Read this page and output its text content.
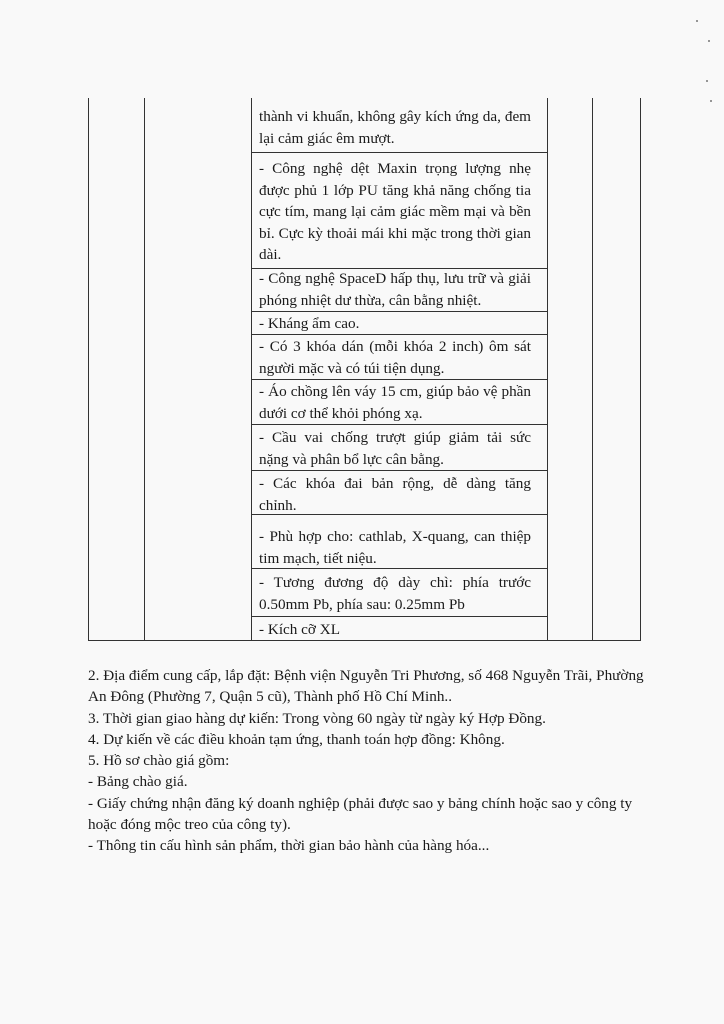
thành vi khuẩn, không gây kích ứng da, đem lại cảm giác êm mượt.

- Công nghệ dệt Maxin trọng lượng nhẹ được phủ 1 lớp PU tăng khả năng chống tia cực tím, mang lại cảm giác mềm mại và bền bỉ. Cực kỳ thoải mái khi mặc trong thời gian dài.

- Công nghệ SpaceD hấp thụ, lưu trữ và giải phóng nhiệt dư thừa, cân bằng nhiệt.

- Kháng ẩm cao.

- Có 3 khóa dán (mỗi khóa 2 inch) ôm sát người mặc và có túi tiện dụng.

- Áo chồng lên váy 15 cm, giúp bảo vệ phần dưới cơ thể khỏi phóng xạ.

- Cầu vai chống trượt giúp giảm tải sức nặng và phân bổ lực cân bằng.

- Các khóa đai bản rộng, dễ dàng tăng chỉnh.

- Phù hợp cho: cathlab, X-quang, can thiệp tim mạch, tiết niệu.

- Tương đương độ dày chì: phía trước 0.50mm Pb, phía sau: 0.25mm Pb

- Kích cỡ XL

2. Địa điểm cung cấp, lắp đặt: Bệnh viện Nguyễn Tri Phương, số 468 Nguyễn Trãi, Phường An Đông (Phường 7, Quận 5 cũ), Thành phố Hồ Chí Minh..

3. Thời gian giao hàng dự kiến: Trong vòng 60 ngày từ ngày ký Hợp Đồng.

4. Dự kiến về các điều khoản tạm ứng, thanh toán hợp đồng: Không.

5. Hồ sơ chào giá gồm:

- Bảng chào giá.

- Giấy chứng nhận đăng ký doanh nghiệp (phải được sao y bảng chính hoặc sao y công ty hoặc đóng mộc treo của công ty).

- Thông tin cấu hình sản phẩm, thời gian bảo hành của hàng hóa...
